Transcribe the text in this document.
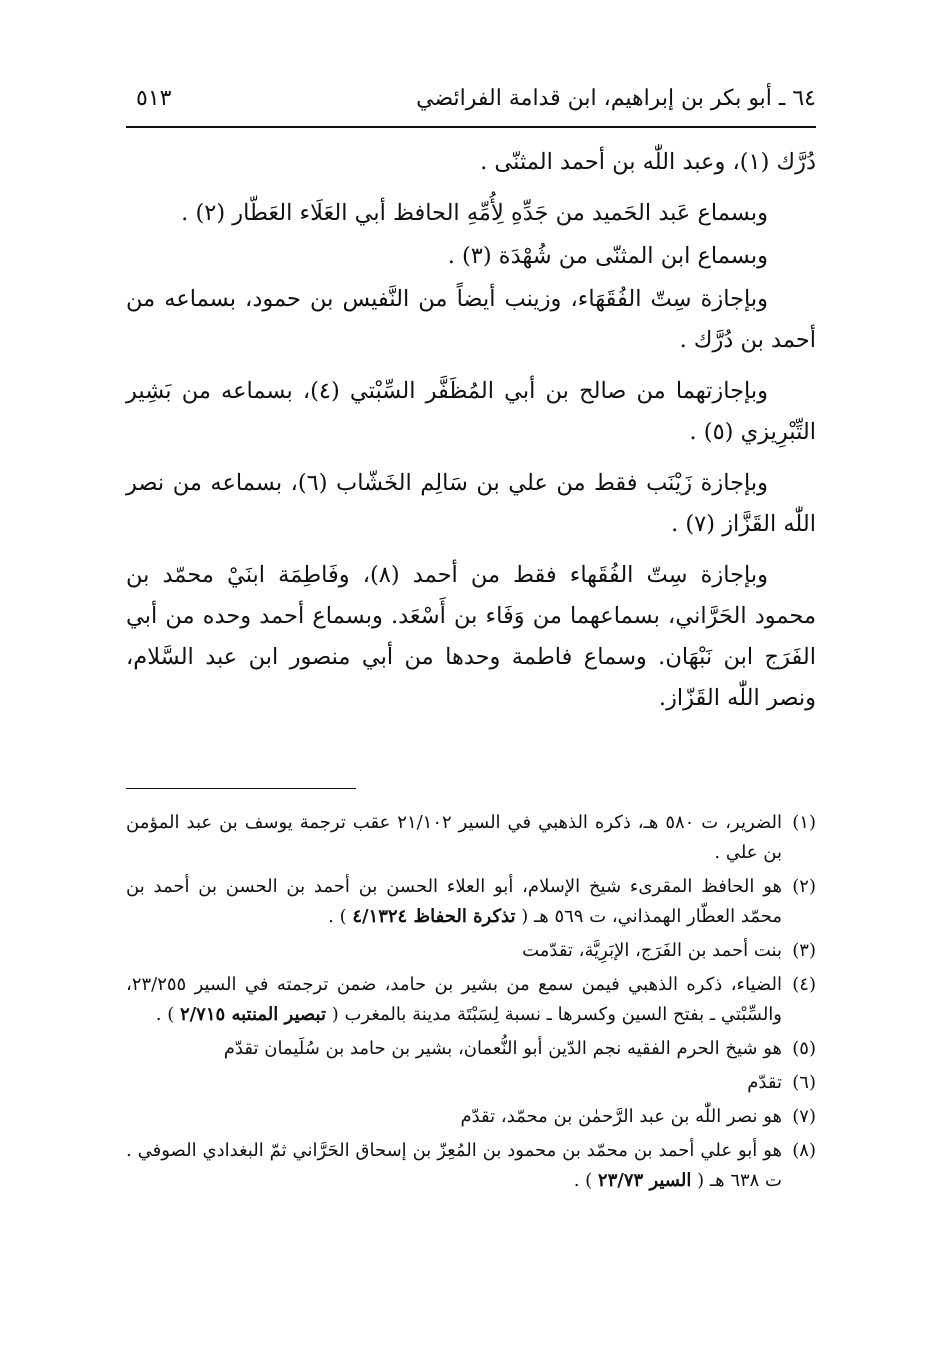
٦٤ ـ أبو بكر بن إبراهيم، ابن قدامة الفرائضي
٥١٣

دُرَّك (١)، وعبد اللّٰه بن أحمد المثنّى .

وبسماع عَبد الحَميد من جَدِّهِ لِأُمِّهِ الحافظ أبي العَلَاء العَطّار (٢) .

وبسماع ابن المثنّى من شُهْدَة (٣) .

وبإجازة سِتّ الفُقَهَاء، وزينب أيضاً من النَّفيس بن حمود، بسماعه من أحمد بن دُرَّك .

وبإجازتهما من صالح بن أبي المُظَفَّر السِّبْتي (٤)، بسماعه من بَشِير التِّبْرِيزي (٥) .

وبإجازة زَيْنَب فقط من علي بن سَالِم الخَشّاب (٦)، بسماعه من نصر اللّٰه القَزَّاز (٧) .

وبإجازة سِتّ الفُقَهاء فقط من أحمد (٨)، وفَاطِمَة ابنَيْ محمّد بن محمود الحَرَّاني، بسماعهما من وَفَاء بن أَسْعَد. وبسماع أحمد وحده من أبي الفَرَج ابن نَبْهَان. وسماع فاطمة وحدها من أبي منصور ابن عبد السَّلام، ونصر اللّٰه القَزّاز.

(١)
الضرير، ت ٥٨٠ هـ، ذكره الذهبي في السير ٢١/١٠٢ عقب ترجمة يوسف بن عبد المؤمن بن علي .
(٢)
هو الحافظ المقرىء شيخ الإسلام، أبو العلاء الحسن بن أحمد بن الحسن بن أحمد بن محمّد العطّار الهمذاني، ت ٥٦٩ هـ ( تذكرة الحفاظ ٤/١٣٢٤ ) .
(٣)
بنت أحمد بن الفَرَج، الإبَرِيَّة، تقدّمت
(٤)
الضياء، ذكره الذهبي فيمن سمع من بشير بن حامد، ضمن ترجمته في السير ٢٣/٢٥٥، والسِّبْتي ـ بفتح السين وكسرها ـ نسبة لِسَبْتَة مدينة بالمغرب ( تبصير المنتبه ٢/٧١٥ ) .
(٥)
هو شيخ الحرم الفقيه نجم الدّين أبو النُّعمان، بشير بن حامد بن سُلَيمان تقدّم
(٦)
تقدّم
(٧)
هو نصر اللّٰه بن عبد الرَّحمٰن بن محمّد، تقدّم
(٨)
هو أبو علي أحمد بن محمّد بن محمود بن المُعِزّ بن إسحاق الحَرَّاني ثمّ البغدادي الصوفي . ت ٦٣٨ هـ ( السير ٢٣/٧٣ ) .
